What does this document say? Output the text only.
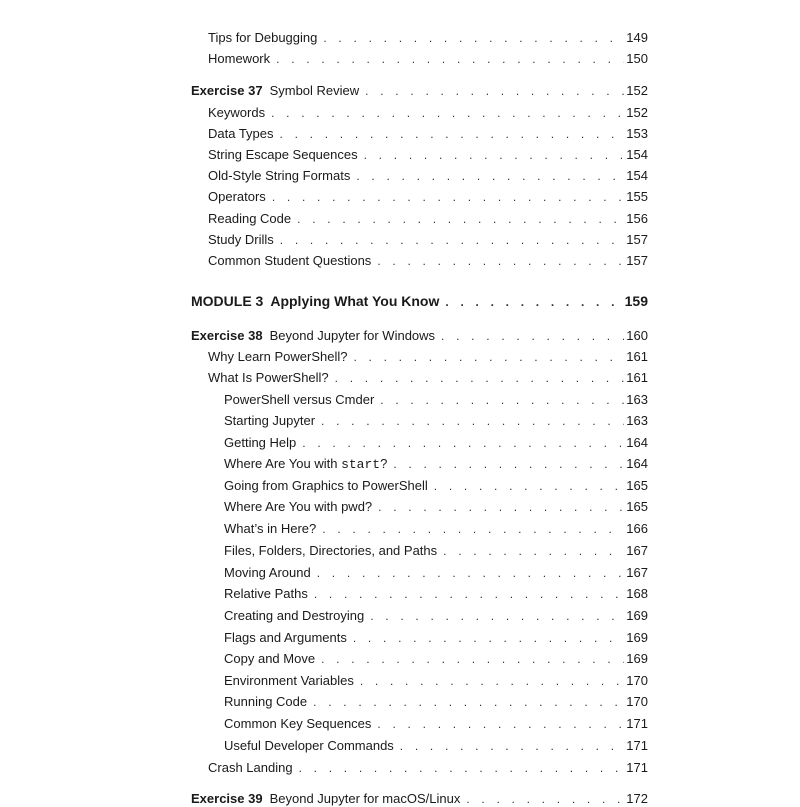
Tips for Debugging . . .	149
Homework . . .	150
Exercise 37 Symbol Review . . .	152
Keywords . . .	152
Data Types . . .	153
String Escape Sequences . . .	154
Old-Style String Formats . . .	154
Operators . . .	155
Reading Code . . .	156
Study Drills . . .	157
Common Student Questions . . .	157
MODULE 3 Applying What You Know . . .	159
Exercise 38 Beyond Jupyter for Windows . . .	160
Why Learn PowerShell? . . .	161
What Is PowerShell? . . .	161
PowerShell versus Cmder . . .	163
Starting Jupyter . . .	163
Getting Help . . .	164
Where Are You with start? . . .	164
Going from Graphics to PowerShell . . .	165
Where Are You with pwd? . . .	165
What’s in Here? . . .	166
Files, Folders, Directories, and Paths . . .	167
Moving Around . . .	167
Relative Paths . . .	168
Creating and Destroying . . .	169
Flags and Arguments . . .	169
Copy and Move . . .	169
Environment Variables . . .	170
Running Code . . .	170
Common Key Sequences . . .	171
Useful Developer Commands . . .	171
Crash Landing . . .	171
Exercise 39 Beyond Jupyter for macOS/Linux . . .	172
